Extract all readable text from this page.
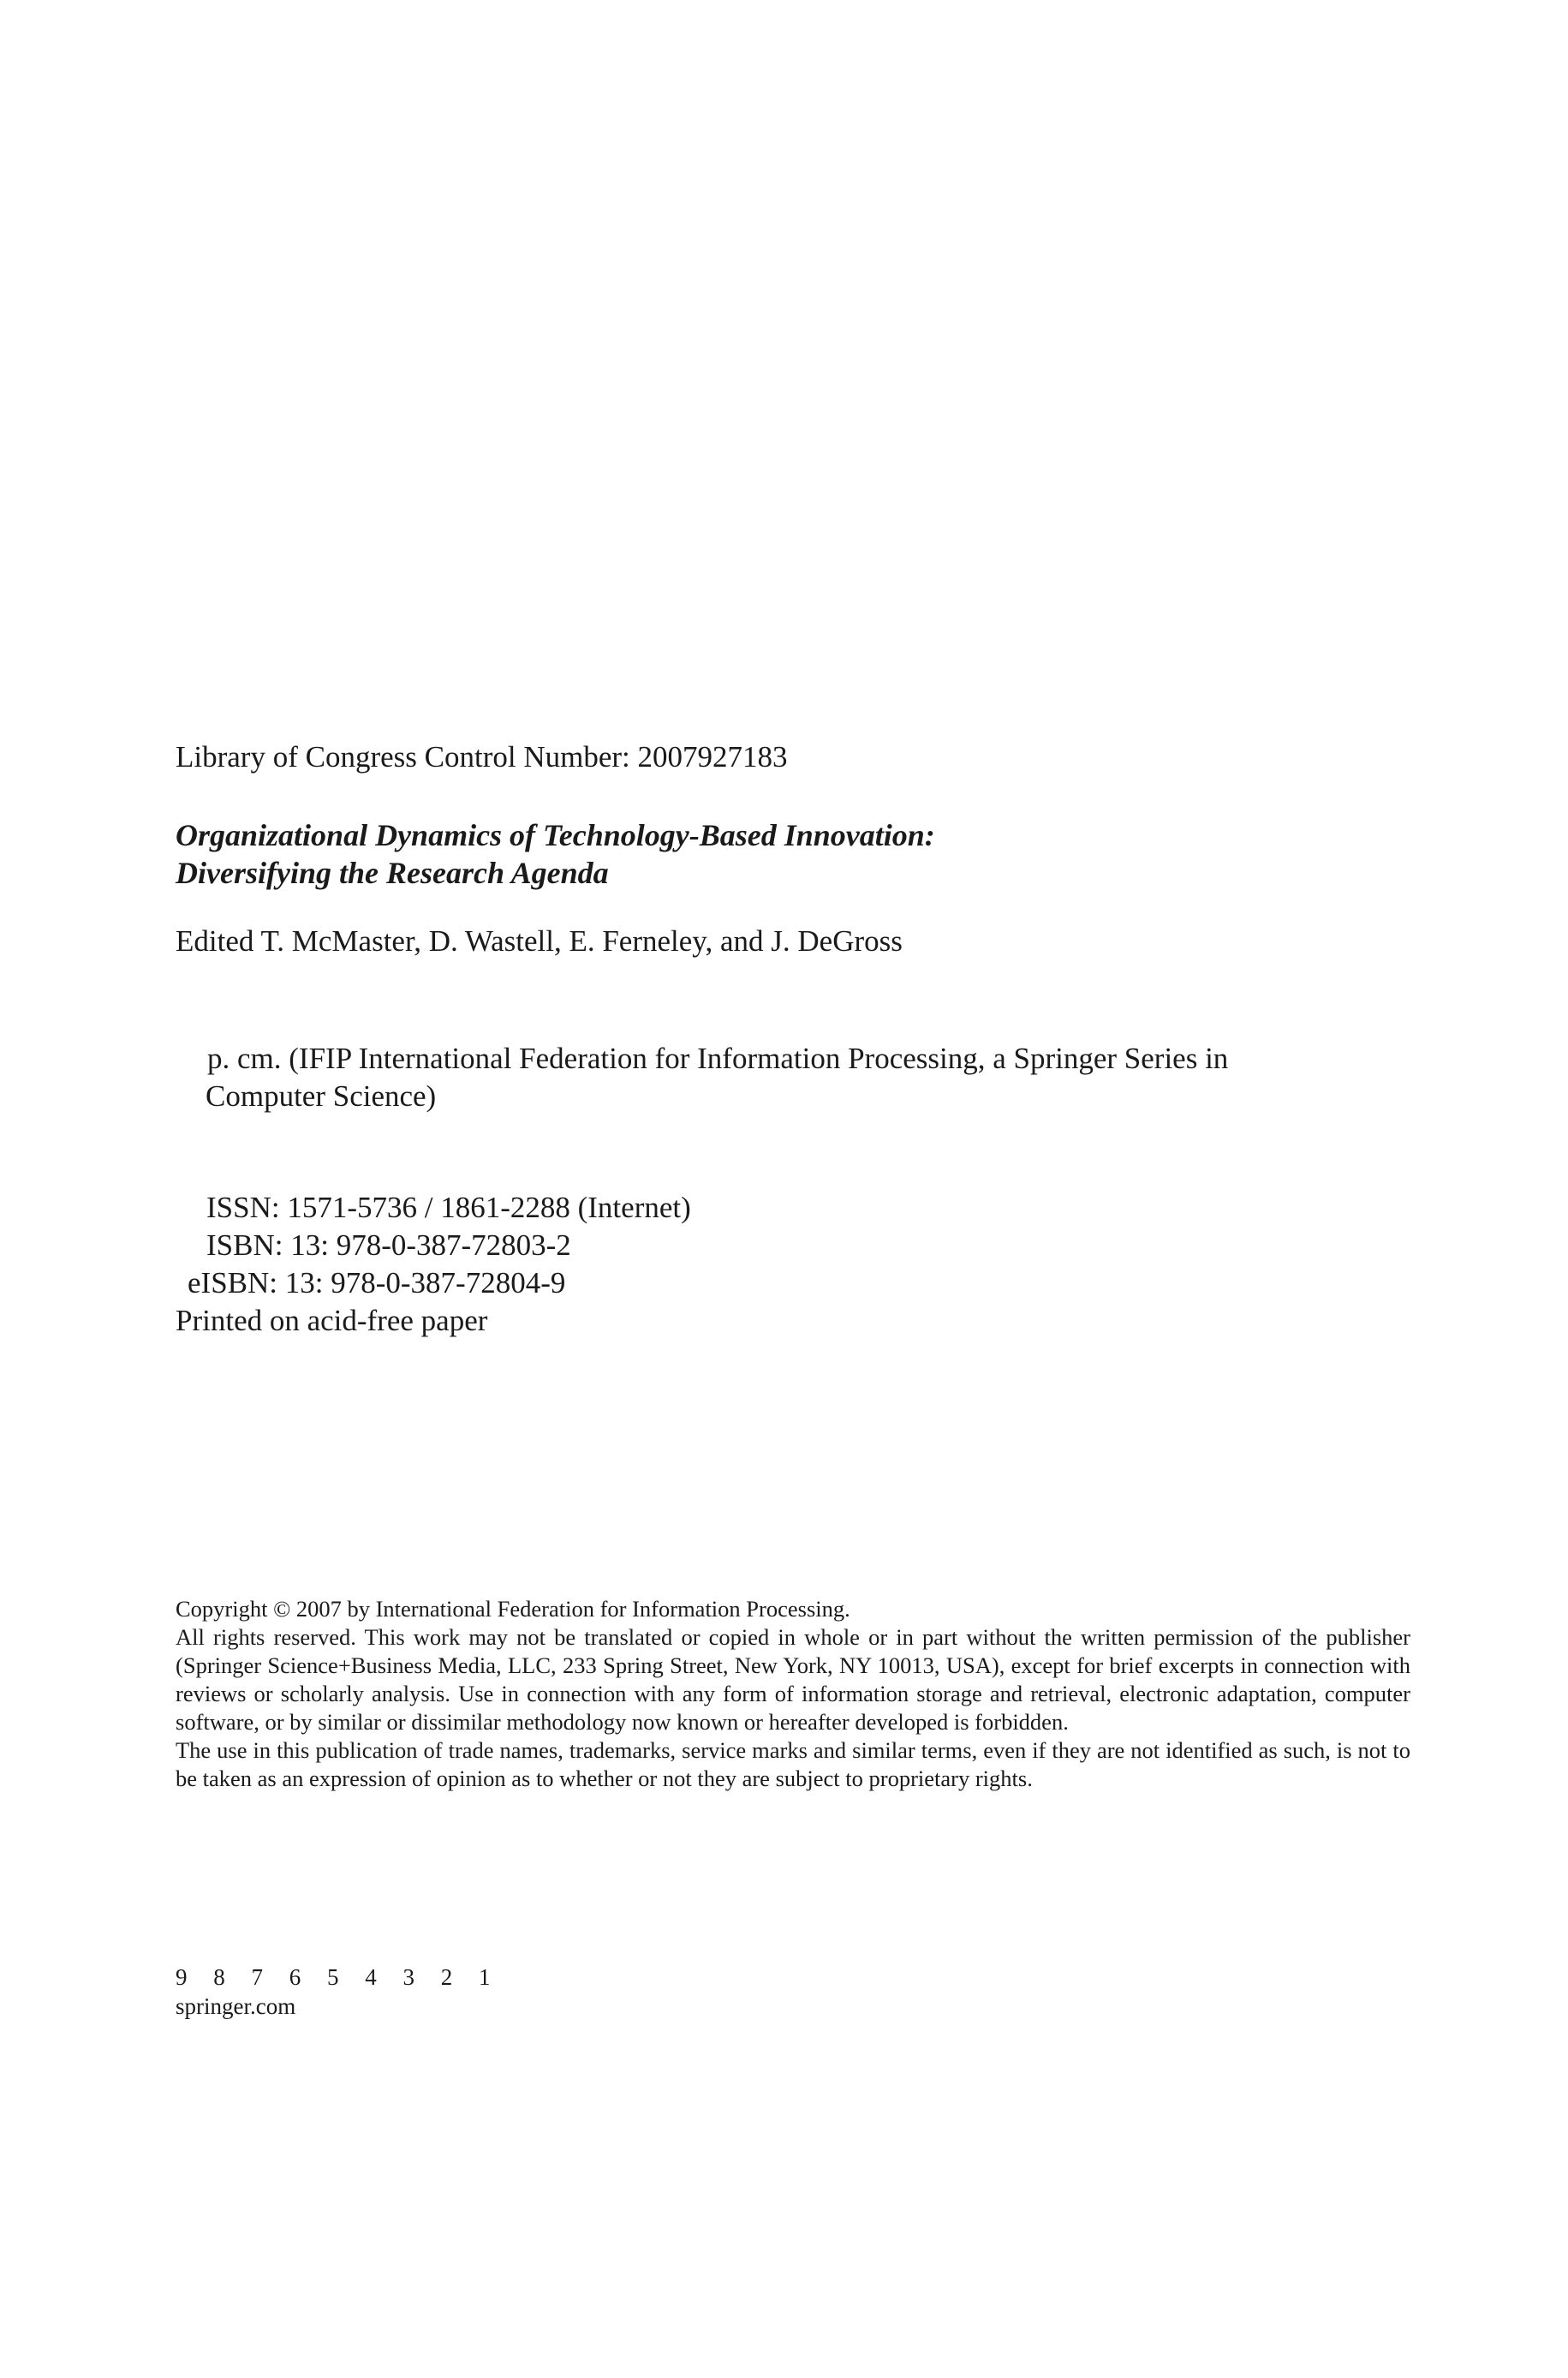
Library of Congress Control Number: 2007927183
Organizational Dynamics of Technology-Based Innovation:
Diversifying the Research Agenda
Edited T. McMaster, D. Wastell, E. Ferneley, and J. DeGross
p. cm. (IFIP International Federation for Information Processing, a Springer Series in
Computer Science)
ISSN: 1571-5736 / 1861-2288 (Internet)
ISBN: 13: 978-0-387-72803-2
eISBN: 13: 978-0-387-72804-9
Printed on acid-free paper

Copyright © 2007 by International Federation for Information Processing.

All rights reserved. This work may not be translated or copied in whole or in part without the written permission of the publisher (Springer Science+Business Media, LLC, 233 Spring Street, New York, NY 10013, USA), except for brief excerpts in connection with reviews or scholarly analysis. Use in connection with any form of information storage and retrieval, electronic adaptation, computer software, or by similar or dissimilar methodology now known or hereafter developed is forbidden.

The use in this publication of trade names, trademarks, service marks and similar terms, even if they are not identified as such, is not to be taken as an expression of opinion as to whether or not they are subject to proprietary rights.

9 8 7 6 5 4 3 2 1
springer.com
